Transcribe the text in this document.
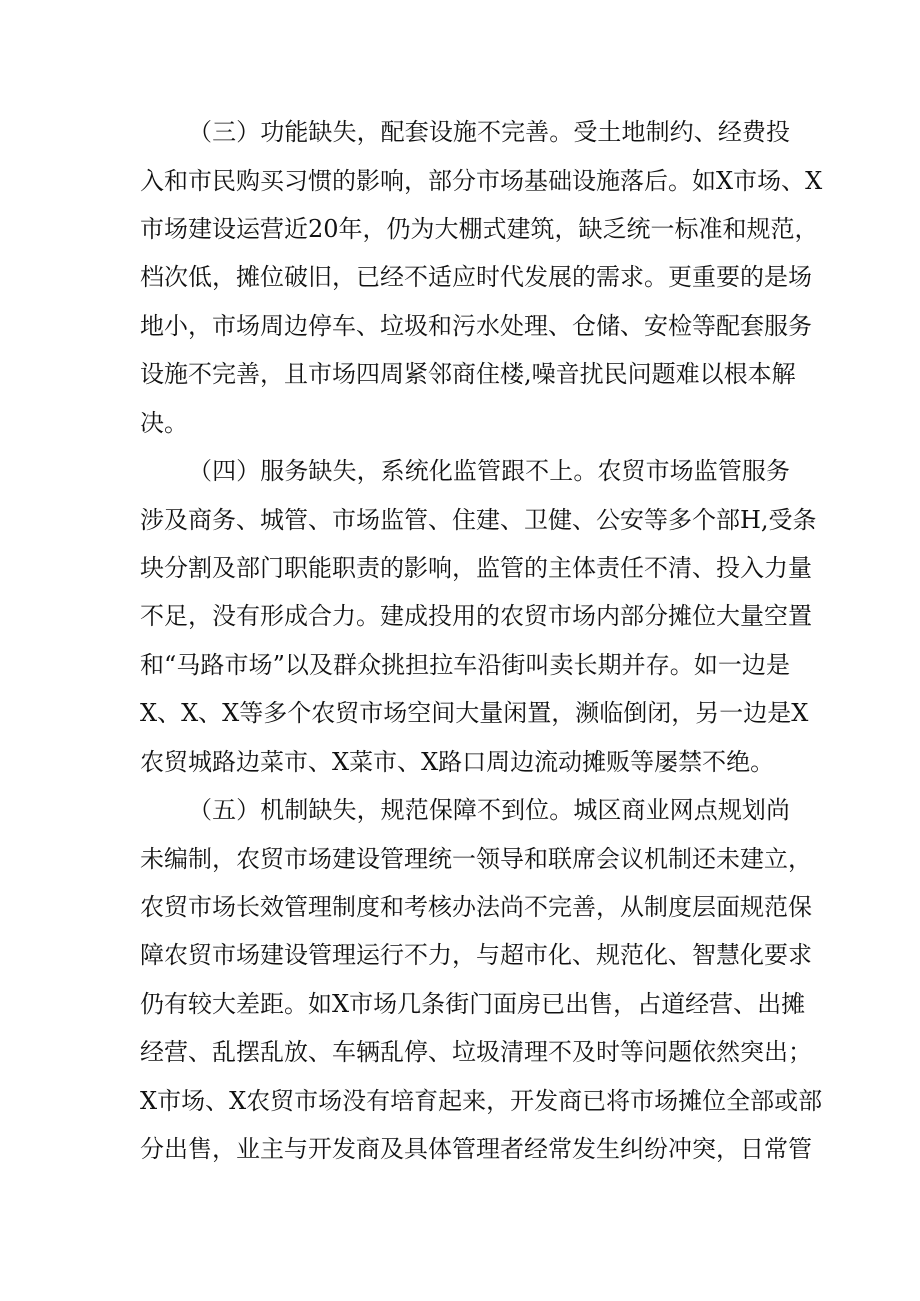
（三）功能缺失，配套设施不完善。受土地制约、经费投
入和市民购买习惯的影响，部分市场基础设施落后。如X市场、X
市场建设运营近20年，仍为大棚式建筑，缺乏统一标准和规范，
档次低，摊位破旧，已经不适应时代发展的需求。更重要的是场
地小，市场周边停车、垃圾和污水处理、仓储、安检等配套服务
设施不完善，且市场四周紧邻商住楼,噪音扰民问题难以根本解
决。
（四）服务缺失，系统化监管跟不上。农贸市场监管服务
涉及商务、城管、市场监管、住建、卫健、公安等多个部H,受条
块分割及部门职能职责的影响，监管的主体责任不清、投入力量
不足，没有形成合力。建成投用的农贸市场内部分摊位大量空置
和“马路市场”以及群众挑担拉车沿街叫卖长期并存。如一边是
X、X、X等多个农贸市场空间大量闲置，濒临倒闭，另一边是X
农贸城路边菜市、X菜市、X路口周边流动摊贩等屡禁不绝。
（五）机制缺失，规范保障不到位。城区商业网点规划尚
未编制，农贸市场建设管理统一领导和联席会议机制还未建立，
农贸市场长效管理制度和考核办法尚不完善，从制度层面规范保
障农贸市场建设管理运行不力，与超市化、规范化、智慧化要求
仍有较大差距。如X市场几条街门面房已出售，占道经营、出摊
经营、乱摆乱放、车辆乱停、垃圾清理不及时等问题依然突出；
X市场、X农贸市场没有培育起来，开发商已将市场摊位全部或部
分出售，业主与开发商及具体管理者经常发生纠纷冲突，日常管
